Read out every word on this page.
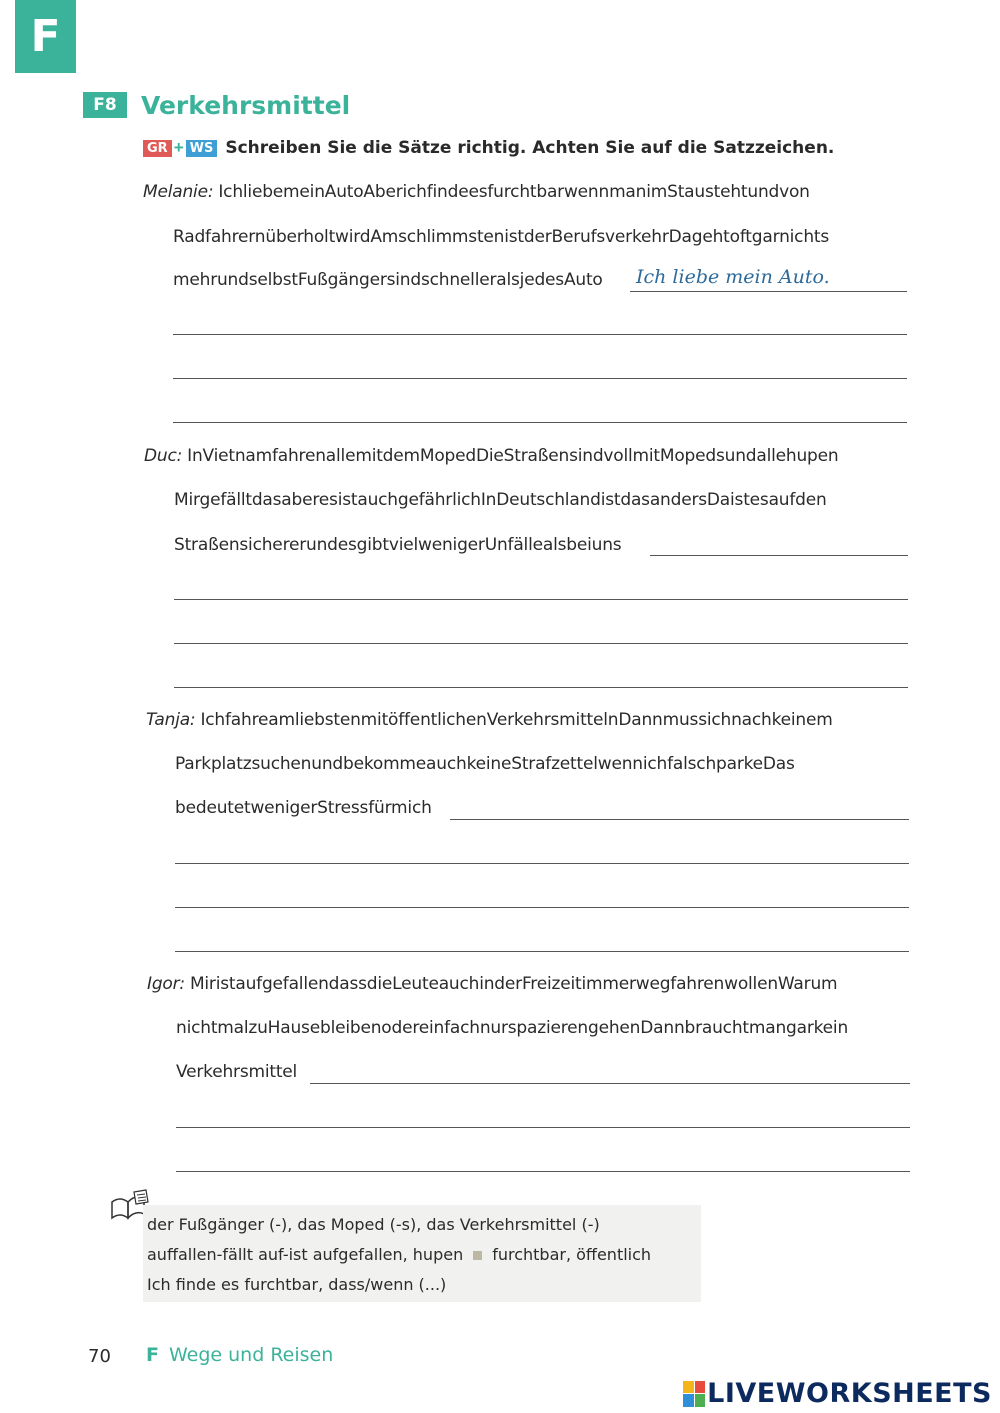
F
F8 Verkehrsmittel
GR + WS Schreiben Sie die Sätze richtig. Achten Sie auf die Satzzeichen.
Melanie: IchliebemeinAutoAberichfindeesfurchtbarwennmanimStaustehtundvon
RadfahrernüberholtwirdAmschlimmstenistderBerufsverkehrDagehtoftgarnichts
mehrundselbstFußgängersindschnelleralsjedesAuto Ich liebe mein Auto.
Duc: InVietnamfahrenallemitdemMopedDieStraßensindvollmitMopedsundallehupen
MirgefälltdasaberesistauchgefährlichInDeutschlandistdasandersDaistesaufden
StraßensichererundesgibtvielwenigerUnfällealsbeiuns
Tanja: IchfahreamliebstenmitöffentlichenVerkehrsmittelnDannmussichnachkeinem
ParkplatzsuchenundbekommeauchkeineStrafzettelwennichfalschparkeDas
bedeutetwenigerStressfürmich
Igor: MiristaufgefallendassdieLeuteauchinderFreizeitimmerwegfahrenwollenWarum
nichtmalzuHausebleibenodereinfachnurspazierengehenDannbrauchtmangarkein
Verkehrsmittel
der Fußgänger (-), das Moped (-s), das Verkehrsmittel (-)
auffallen-fällt auf-ist aufgefallen, hupen furchtbar, öffentlich
Ich finde es furchtbar, dass/wenn (...)
70 F Wege und Reisen
LIVEWORKSHEETS
